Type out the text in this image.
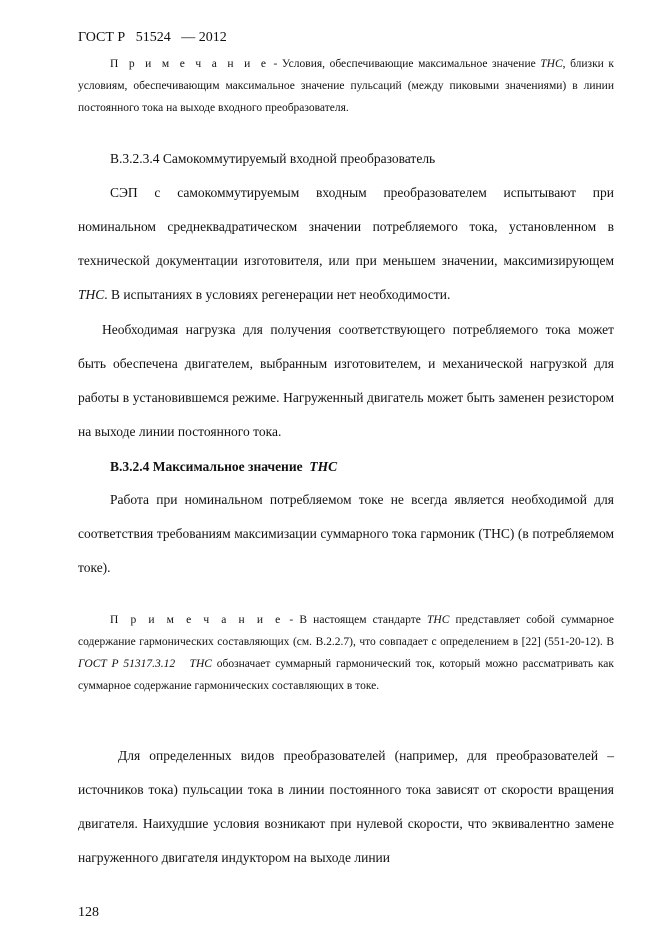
ГОСТ Р 51524 — 2012

П р и м е ч а н и е - Условия, обеспечивающие максимальное значение ТНС, близки к условиям, обеспечивающим максимальное значение пульсаций (между пиковыми значениями) в линии постоянного тока на выходе входного преобразователя.

В.3.2.3.4 Самокоммутируемый входной преобразователь

СЭП с самокоммутируемым входным преобразователем испытывают при номинальном среднеквадратическом значении потребляемого тока, установленном в технической документации изготовителя, или при меньшем значении, максимизирующем ТНС. В испытаниях в условиях регенерации нет необходимости.

Необходимая нагрузка для получения соответствующего потребляемого тока может быть обеспечена двигателем, выбранным изготовителем, и механической нагрузкой для работы в установившемся режиме. Нагруженный двигатель может быть заменен резистором на выходе линии постоянного тока.

В.3.2.4 Максимальное значение ТНС

Работа при номинальном потребляемом токе не всегда является необходимой для соответствия требованиям максимизации суммарного тока гармоник (ТНС) (в потребляемом токе).

П р и м е ч а н и е - В настоящем стандарте ТНС представляет собой суммарное содержание гармонических составляющих (см. В.2.2.7), что совпадает с определением в [22] (551-20-12). В ГОСТ Р 51317.3.12 ТНС обозначает суммарный гармонический ток, который можно рассматривать как суммарное содержание гармонических составляющих в токе.

Для определенных видов преобразователей (например, для преобразователей – источников тока) пульсации тока в линии постоянного тока зависят от скорости вращения двигателя. Наихудшие условия возникают при нулевой скорости, что эквивалентно замене нагруженного двигателя индуктором на выходе линии

128
